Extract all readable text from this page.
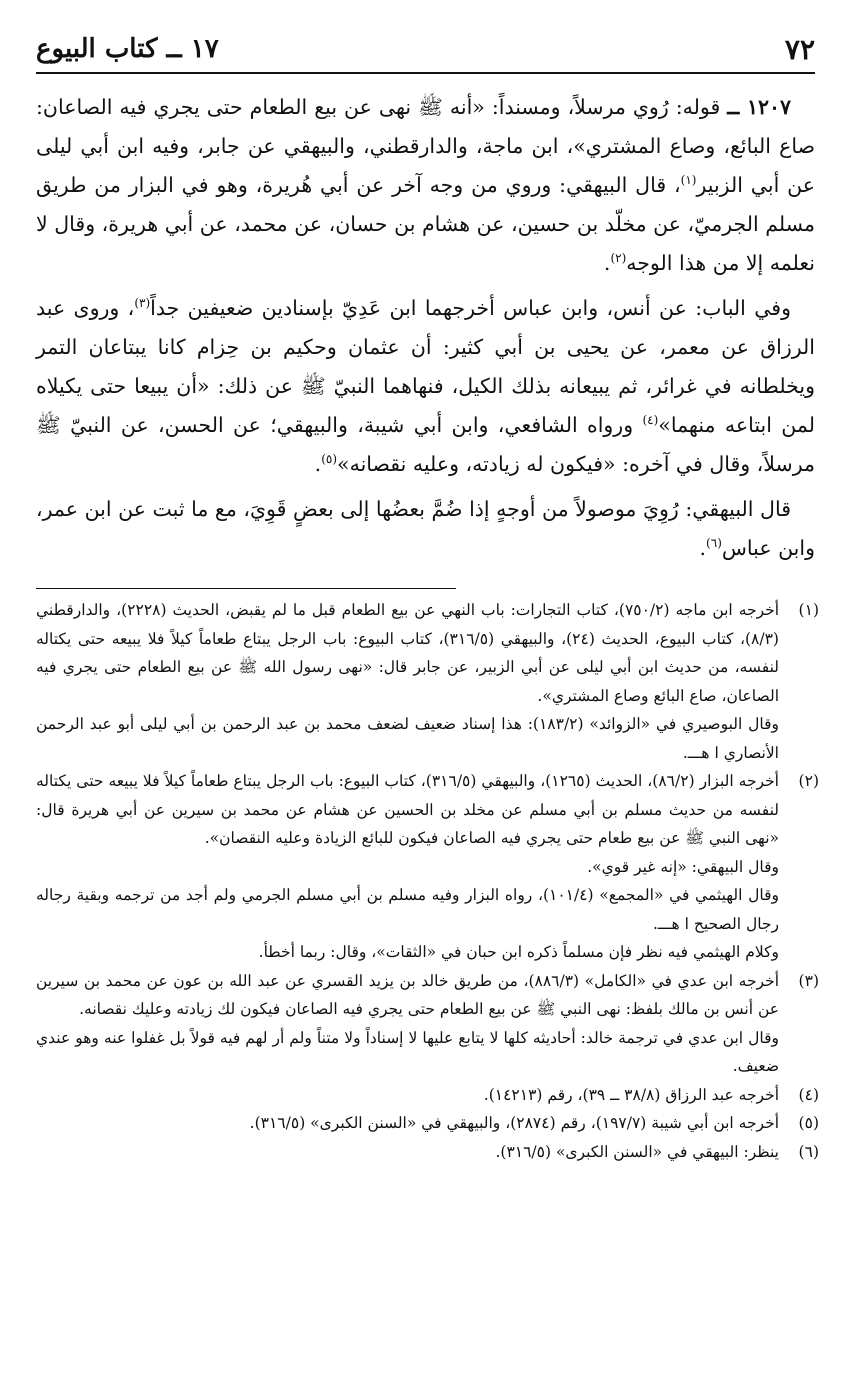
٧٢
١٧ ــ كتاب البيوع

١٢٠٧ ــ قوله: رُوي مرسلاً، ومسنداً: «أنه ﷺ نهى عن بيع الطعام حتى يجري فيه الصاعان: صاع البائع، وصاع المشتري»، ابن ماجة، والدارقطني، والبيهقي عن جابر، وفيه ابن أبي ليلى عن أبي الزبير$^{(١)}$، قال البيهقي: وروي من وجه آخر عن أبي هُريرة، وهو في البزار من طريق مسلم الجرميّ، عن مخلّد بن حسين، عن هشام بن حسان، عن محمد، عن أبي هريرة، وقال لا نعلمه إلا من هذا الوجه$^{(٢)}$.

وفي الباب: عن أنس، وابن عباس أخرجهما ابن عَدِيّ بإسنادين ضعيفين جداً$^{(٣)}$، وروى عبد الرزاق عن معمر، عن يحيى بن أبي كثير: أن عثمان وحكيم بن حِزام كانا يبتاعان التمر ويخلطانه في غرائر، ثم يبيعانه بذلك الكيل، فنهاهما النبيّ ﷺ عن ذلك: «أن يبيعا حتى يكيلاه لمن ابتاعه منهما»$^{(٤)}$ ورواه الشافعي، وابن أبي شيبة، والبيهقي؛ عن الحسن، عن النبيّ ﷺ مرسلاً، وقال في آخره: «فيكون له زيادته، وعليه نقصانه»$^{(٥)}$.

قال البيهقي: رُوِيَ موصولاً من أوجهٍ إذا ضُمَّ بعضُها إلى بعضٍ قَوِيَ، مع ما ثبت عن ابن عمر، وابن عباس$^{(٦)}$.

(١)

أخرجه ابن ماجه (٧٥٠/٢)، كتاب التجارات: باب النهي عن بيع الطعام قبل ما لم يقبض، الحديث (٢٢٢٨)، والدارقطني (٨/٣)، كتاب البيوع، الحديث (٢٤)، والبيهقي (٣١٦/٥)، كتاب البيوع: باب الرجل يبتاع طعاماً كيلاً فلا يبيعه حتى يكتاله لنفسه، من حديث ابن أبي ليلى عن أبي الزبير، عن جابر قال: «نهى رسول الله ﷺ عن بيع الطعام حتى يجري فيه الصاعان، صاع البائع وصاع المشتري».

وقال البوصيري في «الزوائد» (١٨٣/٢): هذا إسناد ضعيف لضعف محمد بن عبد الرحمن بن أبي ليلى أبو عبد الرحمن الأنصاري ا هـــ.

(٢)

أخرجه البزار (٨٦/٢)، الحديث (١٢٦٥)، والبيهقي (٣١٦/٥)، كتاب البيوع: باب الرجل يبتاع طعاماً كيلاً فلا يبيعه حتى يكتاله لنفسه من حديث مسلم بن أبي مسلم عن مخلد بن الحسين عن هشام عن محمد بن سيرين عن أبي هريرة قال: «نهى النبي ﷺ عن بيع طعام حتى يجري فيه الصاعان فيكون للبائع الزيادة وعليه النقصان».

وقال البيهقي: «إنه غير قوي».

وقال الهيثمي في «المجمع» (١٠١/٤)، رواه البزار وفيه مسلم بن أبي مسلم الجرمي ولم أجد من ترجمه وبقية رجاله رجال الصحيح ا هـــ.

وكلام الهيثمي فيه نظر فإن مسلماً ذكره ابن حبان في «الثقات»، وقال: ربما أخطأ.

(٣)

أخرجه ابن عدي في «الكامل» (٨٨٦/٣)، من طريق خالد بن يزيد القسري عن عبد الله بن عون عن محمد بن سيرين عن أنس بن مالك بلفظ: نهى النبي ﷺ عن بيع الطعام حتى يجري فيه الصاعان فيكون لك زيادته وعليك نقصانه.

وقال ابن عدي في ترجمة خالد: أحاديثه كلها لا يتابع عليها لا إسناداً ولا متناً ولم أر لهم فيه قولاً بل غفلوا عنه وهو عندي ضعيف.

(٤)

أخرجه عبد الرزاق (٣٨/٨ ــ ٣٩)، رقم (١٤٢١٣).

(٥)

أخرجه ابن أبي شيبة (١٩٧/٧)، رقم (٢٨٧٤)، والبيهقي في «السنن الكبرى» (٣١٦/٥).

(٦)

ينظر: البيهقي في «السنن الكبرى» (٣١٦/٥).
